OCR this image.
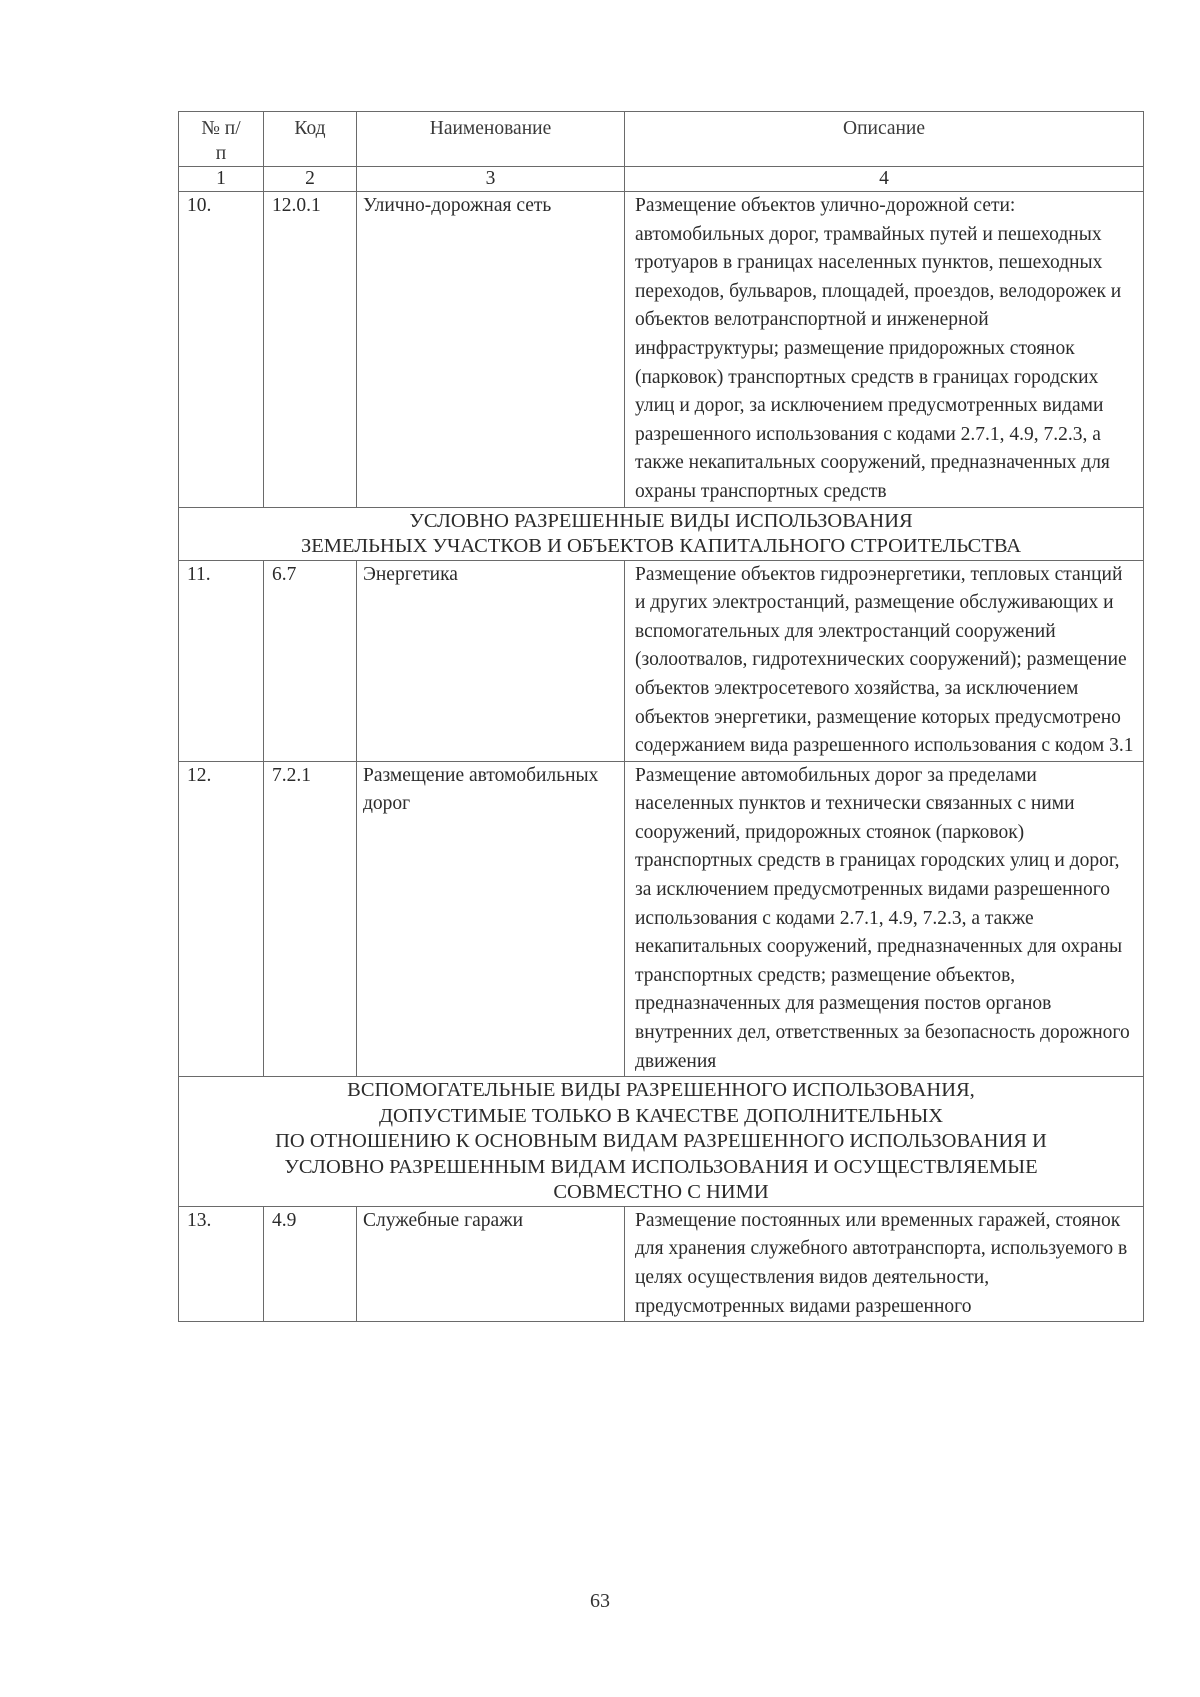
№ п/п	Код	Наименование	Описание
1	2	3	4
10.	12.0.1	Улично-дорожная сеть	Размещение объектов улично-дорожной сети: автомобильных дорог, трамвайных путей и пешеходных тротуаров в границах населенных пунктов, пешеходных переходов, бульваров, площадей, проездов, велодорожек и объектов велотранспортной и инженерной инфраструктуры; размещение придорожных стоянок (парковок) транспортных средств в границах городских улиц и дорог, за исключением предусмотренных видами разрешенного использования с кодами 2.7.1, 4.9, 7.2.3, а также некапитальных сооружений, предназначенных для охраны транспортных средств

УСЛОВНО РАЗРЕШЕННЫЕ ВИДЫ ИСПОЛЬЗОВАНИЯ
ЗЕМЕЛЬНЫХ УЧАСТКОВ И ОБЪЕКТОВ КАПИТАЛЬНОГО СТРОИТЕЛЬСТВА			

11.	6.7	Энергетика	Размещение объектов гидроэнергетики, тепловых станций и других электростанций, размещение обслуживающих и вспомогательных для электростанций сооружений (золоотвалов, гидротехнических сооружений); размещение объектов электросетевого хозяйства, за исключением объектов энергетики, размещение которых предусмотрено содержанием вида разрешенного использования с кодом 3.1
12.	7.2.1	Размещение автомобильных дорог	Размещение автомобильных дорог за пределами населенных пунктов и технически связанных с ними сооружений, придорожных стоянок (парковок) транспортных средств в границах городских улиц и дорог, за исключением предусмотренных видами разрешенного использования с кодами 2.7.1, 4.9, 7.2.3, а также некапитальных сооружений, предназначенных для охраны транспортных средств; размещение объектов, предназначенных для размещения постов органов внутренних дел, ответственных за безопасность дорожного движения

ВСПОМОГАТЕЛЬНЫЕ ВИДЫ РАЗРЕШЕННОГО ИСПОЛЬЗОВАНИЯ,
ДОПУСТИМЫЕ ТОЛЬКО В КАЧЕСТВЕ ДОПОЛНИТЕЛЬНЫХ
ПО ОТНОШЕНИЮ К ОСНОВНЫМ ВИДАМ РАЗРЕШЕННОГО ИСПОЛЬЗОВАНИЯ И
УСЛОВНО РАЗРЕШЕННЫМ ВИДАМ ИСПОЛЬЗОВАНИЯ И ОСУЩЕСТВЛЯЕМЫЕ
СОВМЕСТНО С НИМИ			

13.	4.9	Служебные гаражи	Размещение постоянных или временных гаражей, стоянок для хранения служебного автотранспорта, используемого в целях осуществления видов деятельности, предусмотренных видами разрешенного
63
